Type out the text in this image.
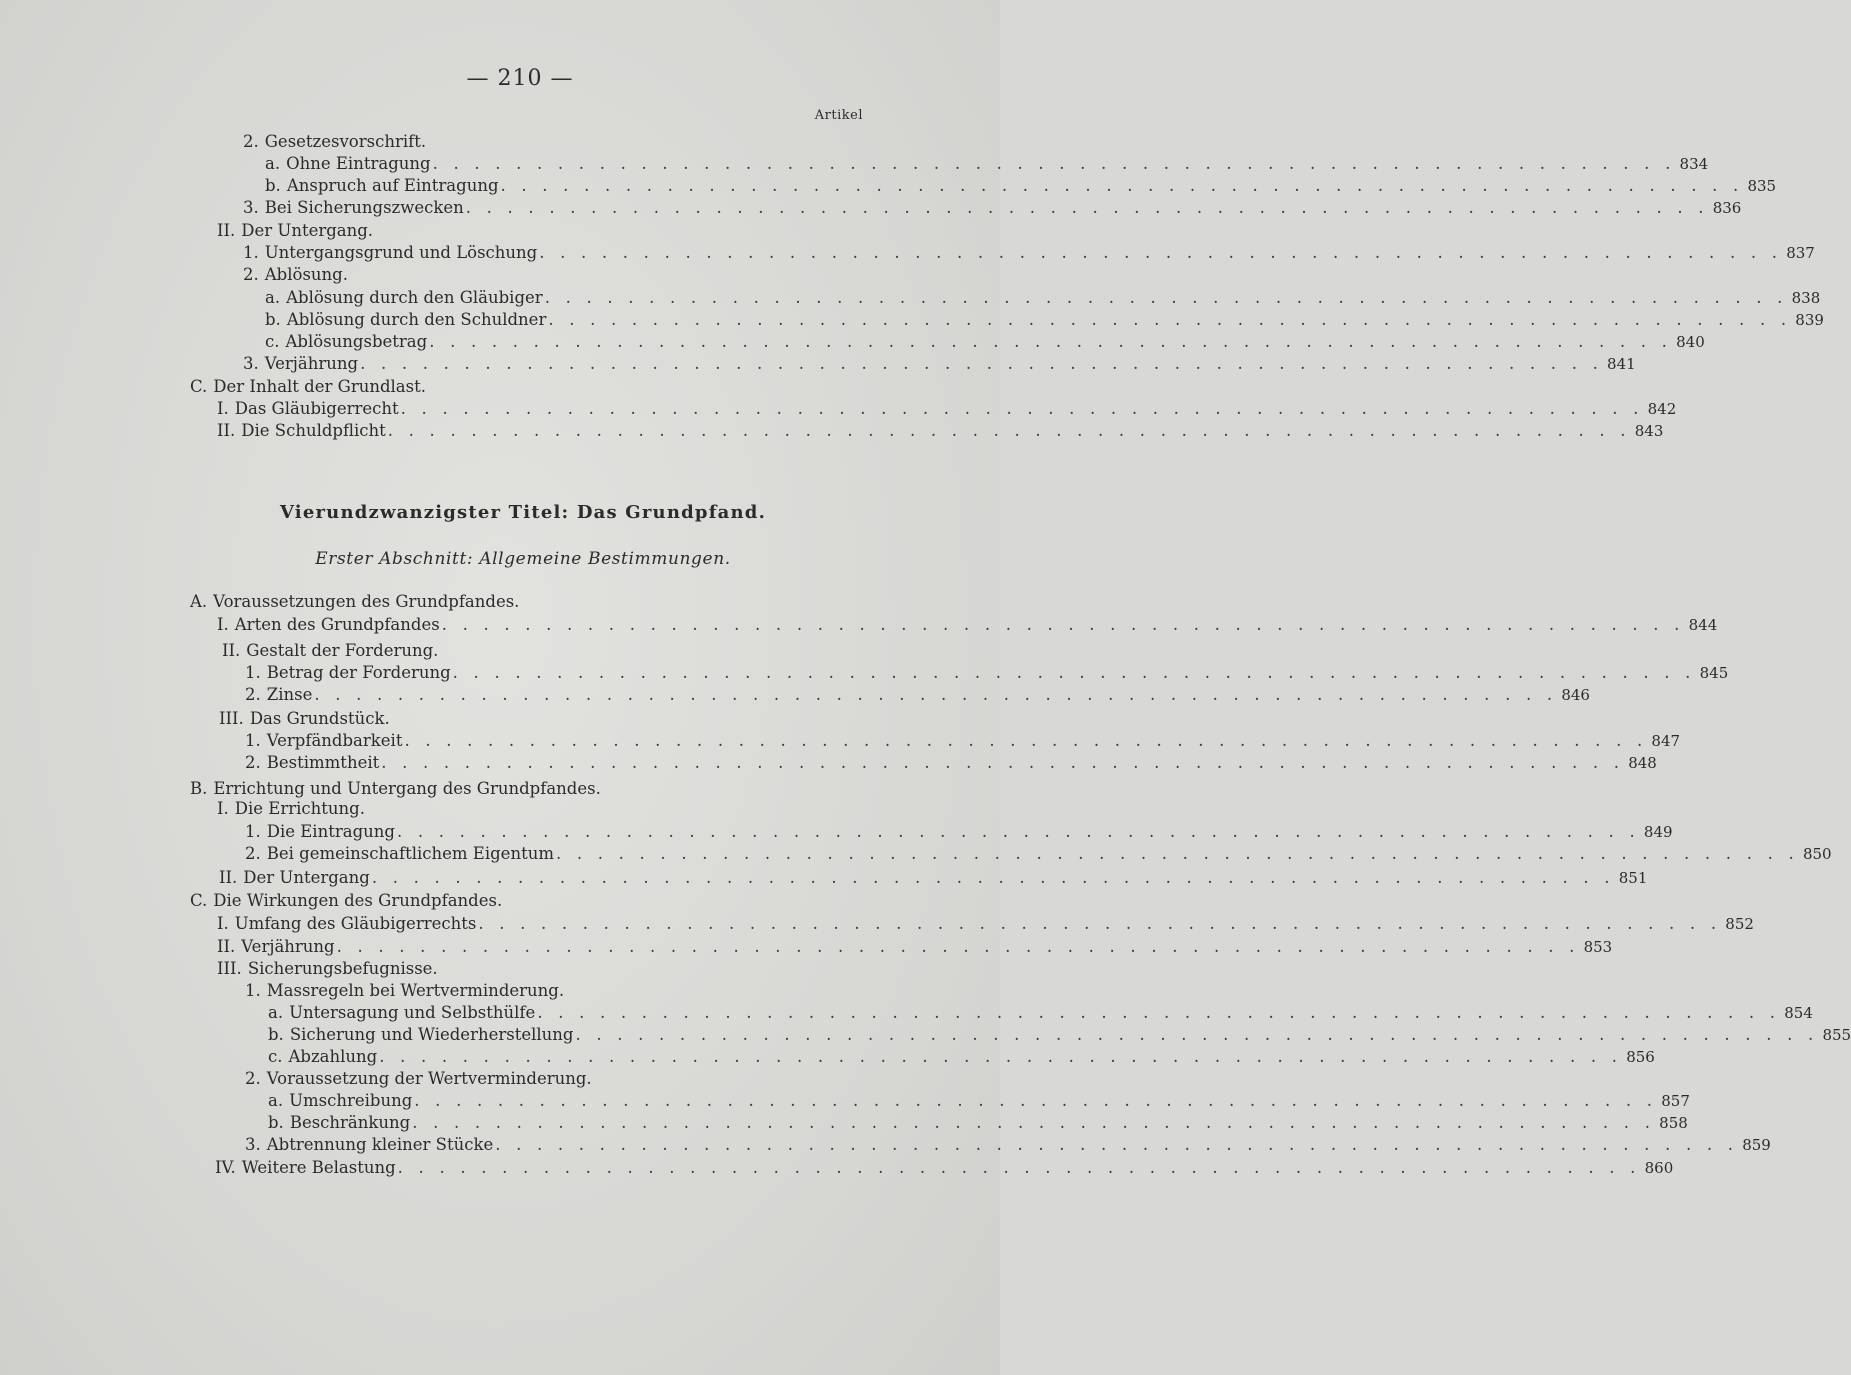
— 210 —
Artikel
2. Gesetzesvorschrift.
a. Ohne Eintragung . . . . . . . . . . . . . . . . . . . . . . . . . . . . . . . . . . . . . . . . . . . . . . . . . . . . . . . . . . . . 834
b. Anspruch auf Eintragung . . . . . . . . . . . . . . . . . . . . . . . . . . . . . . . . . . . . . . . . . . . . . . . . . . . . . . . . . . . . 835
3. Bei Sicherungszwecken . . . . . . . . . . . . . . . . . . . . . . . . . . . . . . . . . . . . . . . . . . . . . . . . . . . . . . . . . . . . 836
II. Der Untergang.
1. Untergangsgrund und Löschung . . . . . . . . . . . . . . . . . . . . . . . . . . . . . . . . . . . . . . . . . . . . . . . . . . . . . . . . . . . . 837
2. Ablösung.
a. Ablösung durch den Gläubiger . . . . . . . . . . . . . . . . . . . . . . . . . . . . . . . . . . . . . . . . . . . . . . . . . . . . . . . . . . . . 838
b. Ablösung durch den Schuldner . . . . . . . . . . . . . . . . . . . . . . . . . . . . . . . . . . . . . . . . . . . . . . . . . . . . . . . . . . . . 839
c. Ablösungsbetrag . . . . . . . . . . . . . . . . . . . . . . . . . . . . . . . . . . . . . . . . . . . . . . . . . . . . . . . . . . . . 840
3. Verjährung . . . . . . . . . . . . . . . . . . . . . . . . . . . . . . . . . . . . . . . . . . . . . . . . . . . . . . . . . . . . 841
C. Der Inhalt der Grundlast.
I. Das Gläubigerrecht . . . . . . . . . . . . . . . . . . . . . . . . . . . . . . . . . . . . . . . . . . . . . . . . . . . . . . . . . . . . 842
II. Die Schuldpflicht . . . . . . . . . . . . . . . . . . . . . . . . . . . . . . . . . . . . . . . . . . . . . . . . . . . . . . . . . . . . 843
Vierundzwanzigster Titel: Das Grundpfand.
Erster Abschnitt: Allgemeine Bestimmungen.
A. Voraussetzungen des Grundpfandes.
I. Arten des Grundpfandes . . . . . . . . . . . . . . . . . . . . . . . . . . . . . . . . . . . . . . . . . . . . . . . . . . . . . . . . . . . . 844
II. Gestalt der Forderung.
1. Betrag der Forderung . . . . . . . . . . . . . . . . . . . . . . . . . . . . . . . . . . . . . . . . . . . . . . . . . . . . . . . . . . . . 845
2. Zinse . . . . . . . . . . . . . . . . . . . . . . . . . . . . . . . . . . . . . . . . . . . . . . . . . . . . . . . . . . . . 846
III. Das Grundstück.
1. Verpfändbarkeit . . . . . . . . . . . . . . . . . . . . . . . . . . . . . . . . . . . . . . . . . . . . . . . . . . . . . . . . . . . . 847
2. Bestimmtheit . . . . . . . . . . . . . . . . . . . . . . . . . . . . . . . . . . . . . . . . . . . . . . . . . . . . . . . . . . . . 848
B. Errichtung und Untergang des Grundpfandes.
I. Die Errichtung.
1. Die Eintragung . . . . . . . . . . . . . . . . . . . . . . . . . . . . . . . . . . . . . . . . . . . . . . . . . . . . . . . . . . . . 849
2. Bei gemeinschaftlichem Eigentum . . . . . . . . . . . . . . . . . . . . . . . . . . . . . . . . . . . . . . . . . . . . . . . . . . . . . . . . . . . . 850
II. Der Untergang . . . . . . . . . . . . . . . . . . . . . . . . . . . . . . . . . . . . . . . . . . . . . . . . . . . . . . . . . . . . 851
C. Die Wirkungen des Grundpfandes.
I. Umfang des Gläubigerrechts . . . . . . . . . . . . . . . . . . . . . . . . . . . . . . . . . . . . . . . . . . . . . . . . . . . . . . . . . . . . 852
II. Verjährung . . . . . . . . . . . . . . . . . . . . . . . . . . . . . . . . . . . . . . . . . . . . . . . . . . . . . . . . . . . . 853
III. Sicherungsbefugnisse.
1. Massregeln bei Wertverminderung.
a. Untersagung und Selbsthülfe . . . . . . . . . . . . . . . . . . . . . . . . . . . . . . . . . . . . . . . . . . . . . . . . . . . . . . . . . . . . 854
b. Sicherung und Wiederherstellung . . . . . . . . . . . . . . . . . . . . . . . . . . . . . . . . . . . . . . . . . . . . . . . . . . . . . . . . . . . . 855
c. Abzahlung . . . . . . . . . . . . . . . . . . . . . . . . . . . . . . . . . . . . . . . . . . . . . . . . . . . . . . . . . . . . 856
2. Voraussetzung der Wertverminderung.
a. Umschreibung . . . . . . . . . . . . . . . . . . . . . . . . . . . . . . . . . . . . . . . . . . . . . . . . . . . . . . . . . . . . 857
b. Beschränkung . . . . . . . . . . . . . . . . . . . . . . . . . . . . . . . . . . . . . . . . . . . . . . . . . . . . . . . . . . . . 858
3. Abtrennung kleiner Stücke . . . . . . . . . . . . . . . . . . . . . . . . . . . . . . . . . . . . . . . . . . . . . . . . . . . . . . . . . . . . 859
IV. Weitere Belastung . . . . . . . . . . . . . . . . . . . . . . . . . . . . . . . . . . . . . . . . . . . . . . . . . . . . . . . . . . . . 860
